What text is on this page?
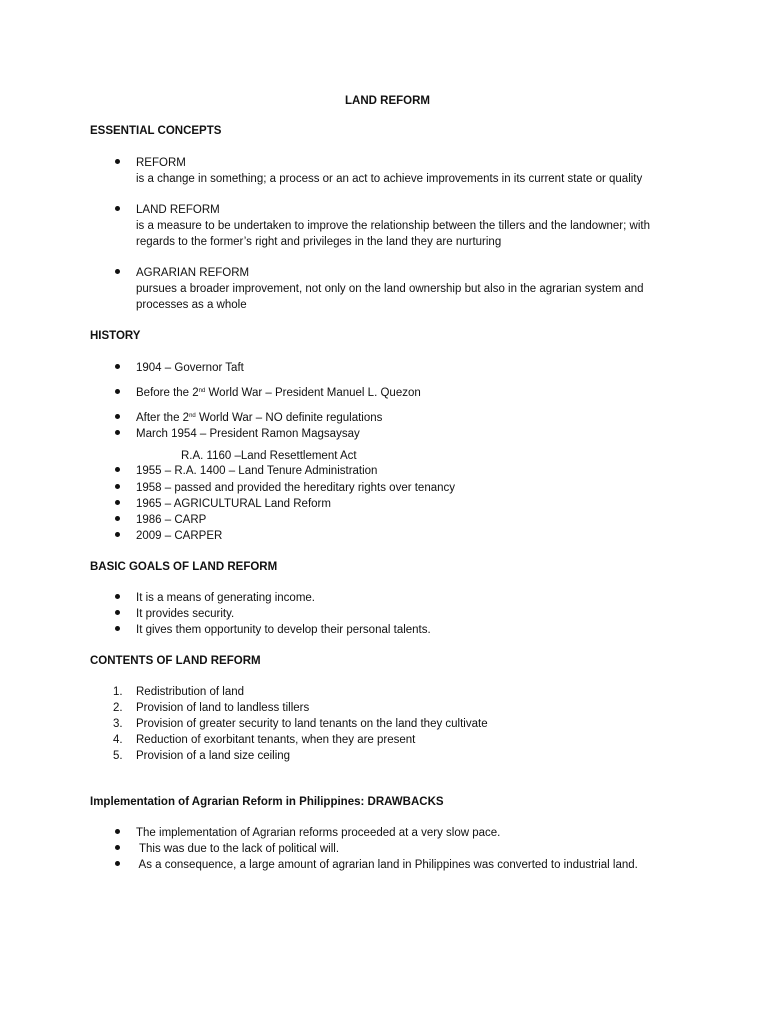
LAND REFORM
ESSENTIAL CONCEPTS
REFORM
is a change in something; a process or an act to achieve improvements in its current state or quality
LAND REFORM
is a measure to be undertaken to improve the relationship between the tillers and the landowner; with
regards to the former’s right and privileges in the land they are nurturing
AGRARIAN REFORM
pursues a broader improvement, not only on the land ownership but also in the agrarian system and
processes as a whole
HISTORY
1904 – Governor Taft
Before the 2nd World War – President Manuel L. Quezon
After the 2nd World War – NO definite regulations
March 1954 – President Ramon Magsaysay
R.A. 1160 –Land Resettlement Act
1955 – R.A. 1400 – Land Tenure Administration
1958 – passed and provided the hereditary rights over tenancy
1965 – AGRICULTURAL Land Reform
1986 – CARP
2009 – CARPER
BASIC GOALS OF LAND REFORM
It is a means of generating income.
It provides security.
It gives them opportunity to develop their personal talents.
CONTENTS OF LAND REFORM
1. Redistribution of land
2. Provision of land to landless tillers
3. Provision of greater security to land tenants on the land they cultivate
4. Reduction of exorbitant tenants, when they are present
5. Provision of a land size ceiling
Implementation of Agrarian Reform in Philippines: DRAWBACKS
The implementation of Agrarian reforms proceeded at a very slow pace.
This was due to the lack of political will.
As a consequence, a large amount of agrarian land in Philippines was converted to industrial land.
